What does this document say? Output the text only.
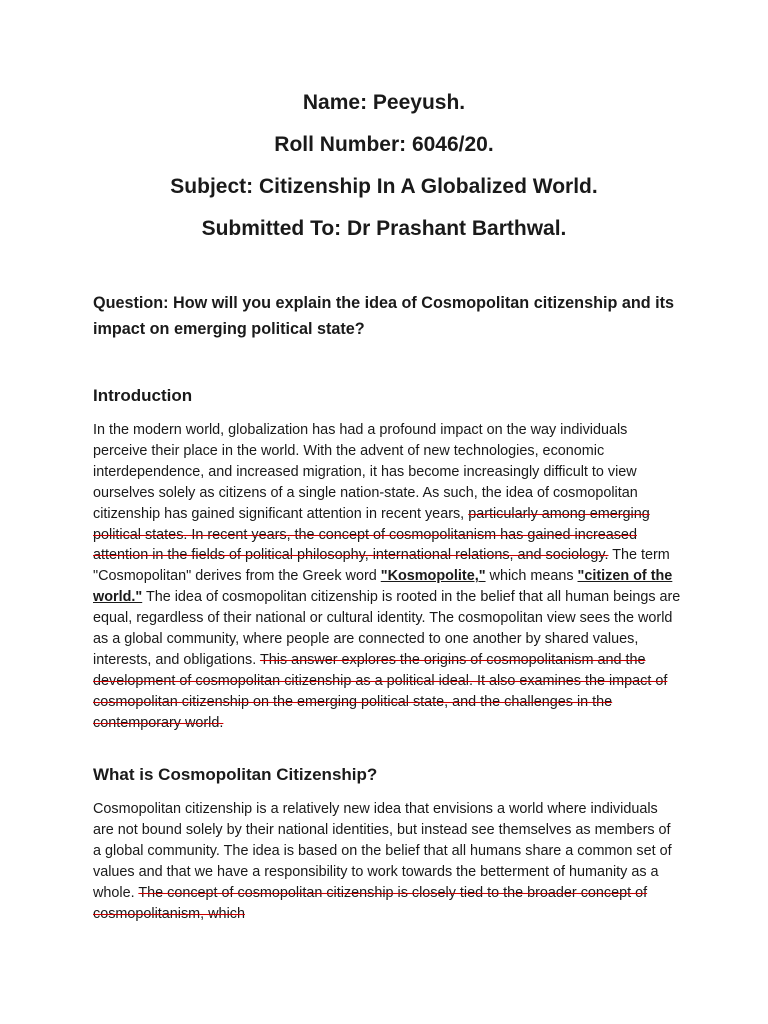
Name: Peeyush.
Roll Number: 6046/20.
Subject: Citizenship In A Globalized World.
Submitted To: Dr Prashant Barthwal.
Question: How will you explain the idea of Cosmopolitan citizenship and its impact on emerging political state?
Introduction

In the modern world, globalization has had a profound impact on the way individuals perceive their place in the world. With the advent of new technologies, economic interdependence, and increased migration, it has become increasingly difficult to view ourselves solely as citizens of a single nation-state. As such, the idea of cosmopolitan citizenship has gained significant attention in recent years, particularly among emerging political states. In recent years, the concept of cosmopolitanism has gained increased attention in the fields of political philosophy, international relations, and sociology. The term "Cosmopolitan" derives from the Greek word "Kosmopolite," which means "citizen of the world." The idea of cosmopolitan citizenship is rooted in the belief that all human beings are equal, regardless of their national or cultural identity. The cosmopolitan view sees the world as a global community, where people are connected to one another by shared values, interests, and obligations. This answer explores the origins of cosmopolitanism and the development of cosmopolitan citizenship as a political ideal. It also examines the impact of cosmopolitan citizenship on the emerging political state, and the challenges in the contemporary world.

What is Cosmopolitan Citizenship?

Cosmopolitan citizenship is a relatively new idea that envisions a world where individuals are not bound solely by their national identities, but instead see themselves as members of a global community. The idea is based on the belief that all humans share a common set of values and that we have a responsibility to work towards the betterment of humanity as a whole. The concept of cosmopolitan citizenship is closely tied to the broader concept of cosmopolitanism, which
